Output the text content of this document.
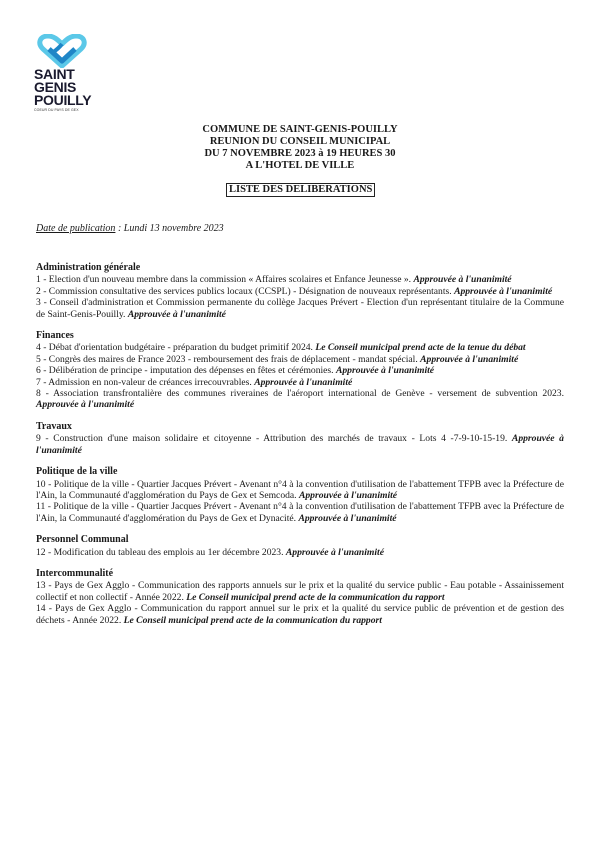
SAINT
GENIS
POUILLY
COEUR DU PAYS DE GEX
COMMUNE DE SAINT-GENIS-POUILLY
REUNION DU CONSEIL MUNICIPAL
DU 7 NOVEMBRE 2023 à 19 HEURES 30
A L'HOTEL DE VILLE
LISTE DES DELIBERATIONS
Date de publication : Lundi 13 novembre 2023
Administration générale

1 - Election d'un nouveau membre dans la commission « Affaires scolaires et Enfance Jeunesse ». Approuvée à l'unanimité

2 - Commission consultative des services publics locaux (CCSPL) - Désignation de nouveaux représentants. Approuvée à l'unanimité

3 - Conseil d'administration et Commission permanente du collège Jacques Prévert - Election d'un représentant titulaire de la Commune de Saint-Genis-Pouilly. Approuvée à l'unanimité

Finances

4 - Débat d'orientation budgétaire - préparation du budget primitif 2024. Le Conseil municipal prend acte de la tenue du débat

5 - Congrès des maires de France 2023 - remboursement des frais de déplacement - mandat spécial. Approuvée à l'unanimité

6 - Délibération de principe - imputation des dépenses en fêtes et cérémonies. Approuvée à l'unanimité

7 - Admission en non-valeur de créances irrecouvrables. Approuvée à l'unanimité

8 - Association transfrontalière des communes riveraines de l'aéroport international de Genève - versement de subvention 2023. Approuvée à l'unanimité

Travaux

9 - Construction d'une maison solidaire et citoyenne - Attribution des marchés de travaux - Lots 4 -7-9-10-15-19. Approuvée à l'unanimité

Politique de la ville

10 - Politique de la ville - Quartier Jacques Prévert - Avenant n°4 à la convention d'utilisation de l'abattement TFPB avec la Préfecture de l'Ain, la Communauté d'agglomération du Pays de Gex et Semcoda. Approuvée à l'unanimité

11 - Politique de la ville - Quartier Jacques Prévert - Avenant n°4 à la convention d'utilisation de l'abattement TFPB avec la Préfecture de l'Ain, la Communauté d'agglomération du Pays de Gex et Dynacité. Approuvée à l'unanimité

Personnel Communal

12 - Modification du tableau des emplois au 1er décembre 2023. Approuvée à l'unanimité

Intercommunalité

13 - Pays de Gex Agglo - Communication des rapports annuels sur le prix et la qualité du service public - Eau potable - Assainissement collectif et non collectif - Année 2022. Le Conseil municipal prend acte de la communication du rapport

14 - Pays de Gex Agglo - Communication du rapport annuel sur le prix et la qualité du service public de prévention et de gestion des déchets - Année 2022. Le Conseil municipal prend acte de la communication du rapport
